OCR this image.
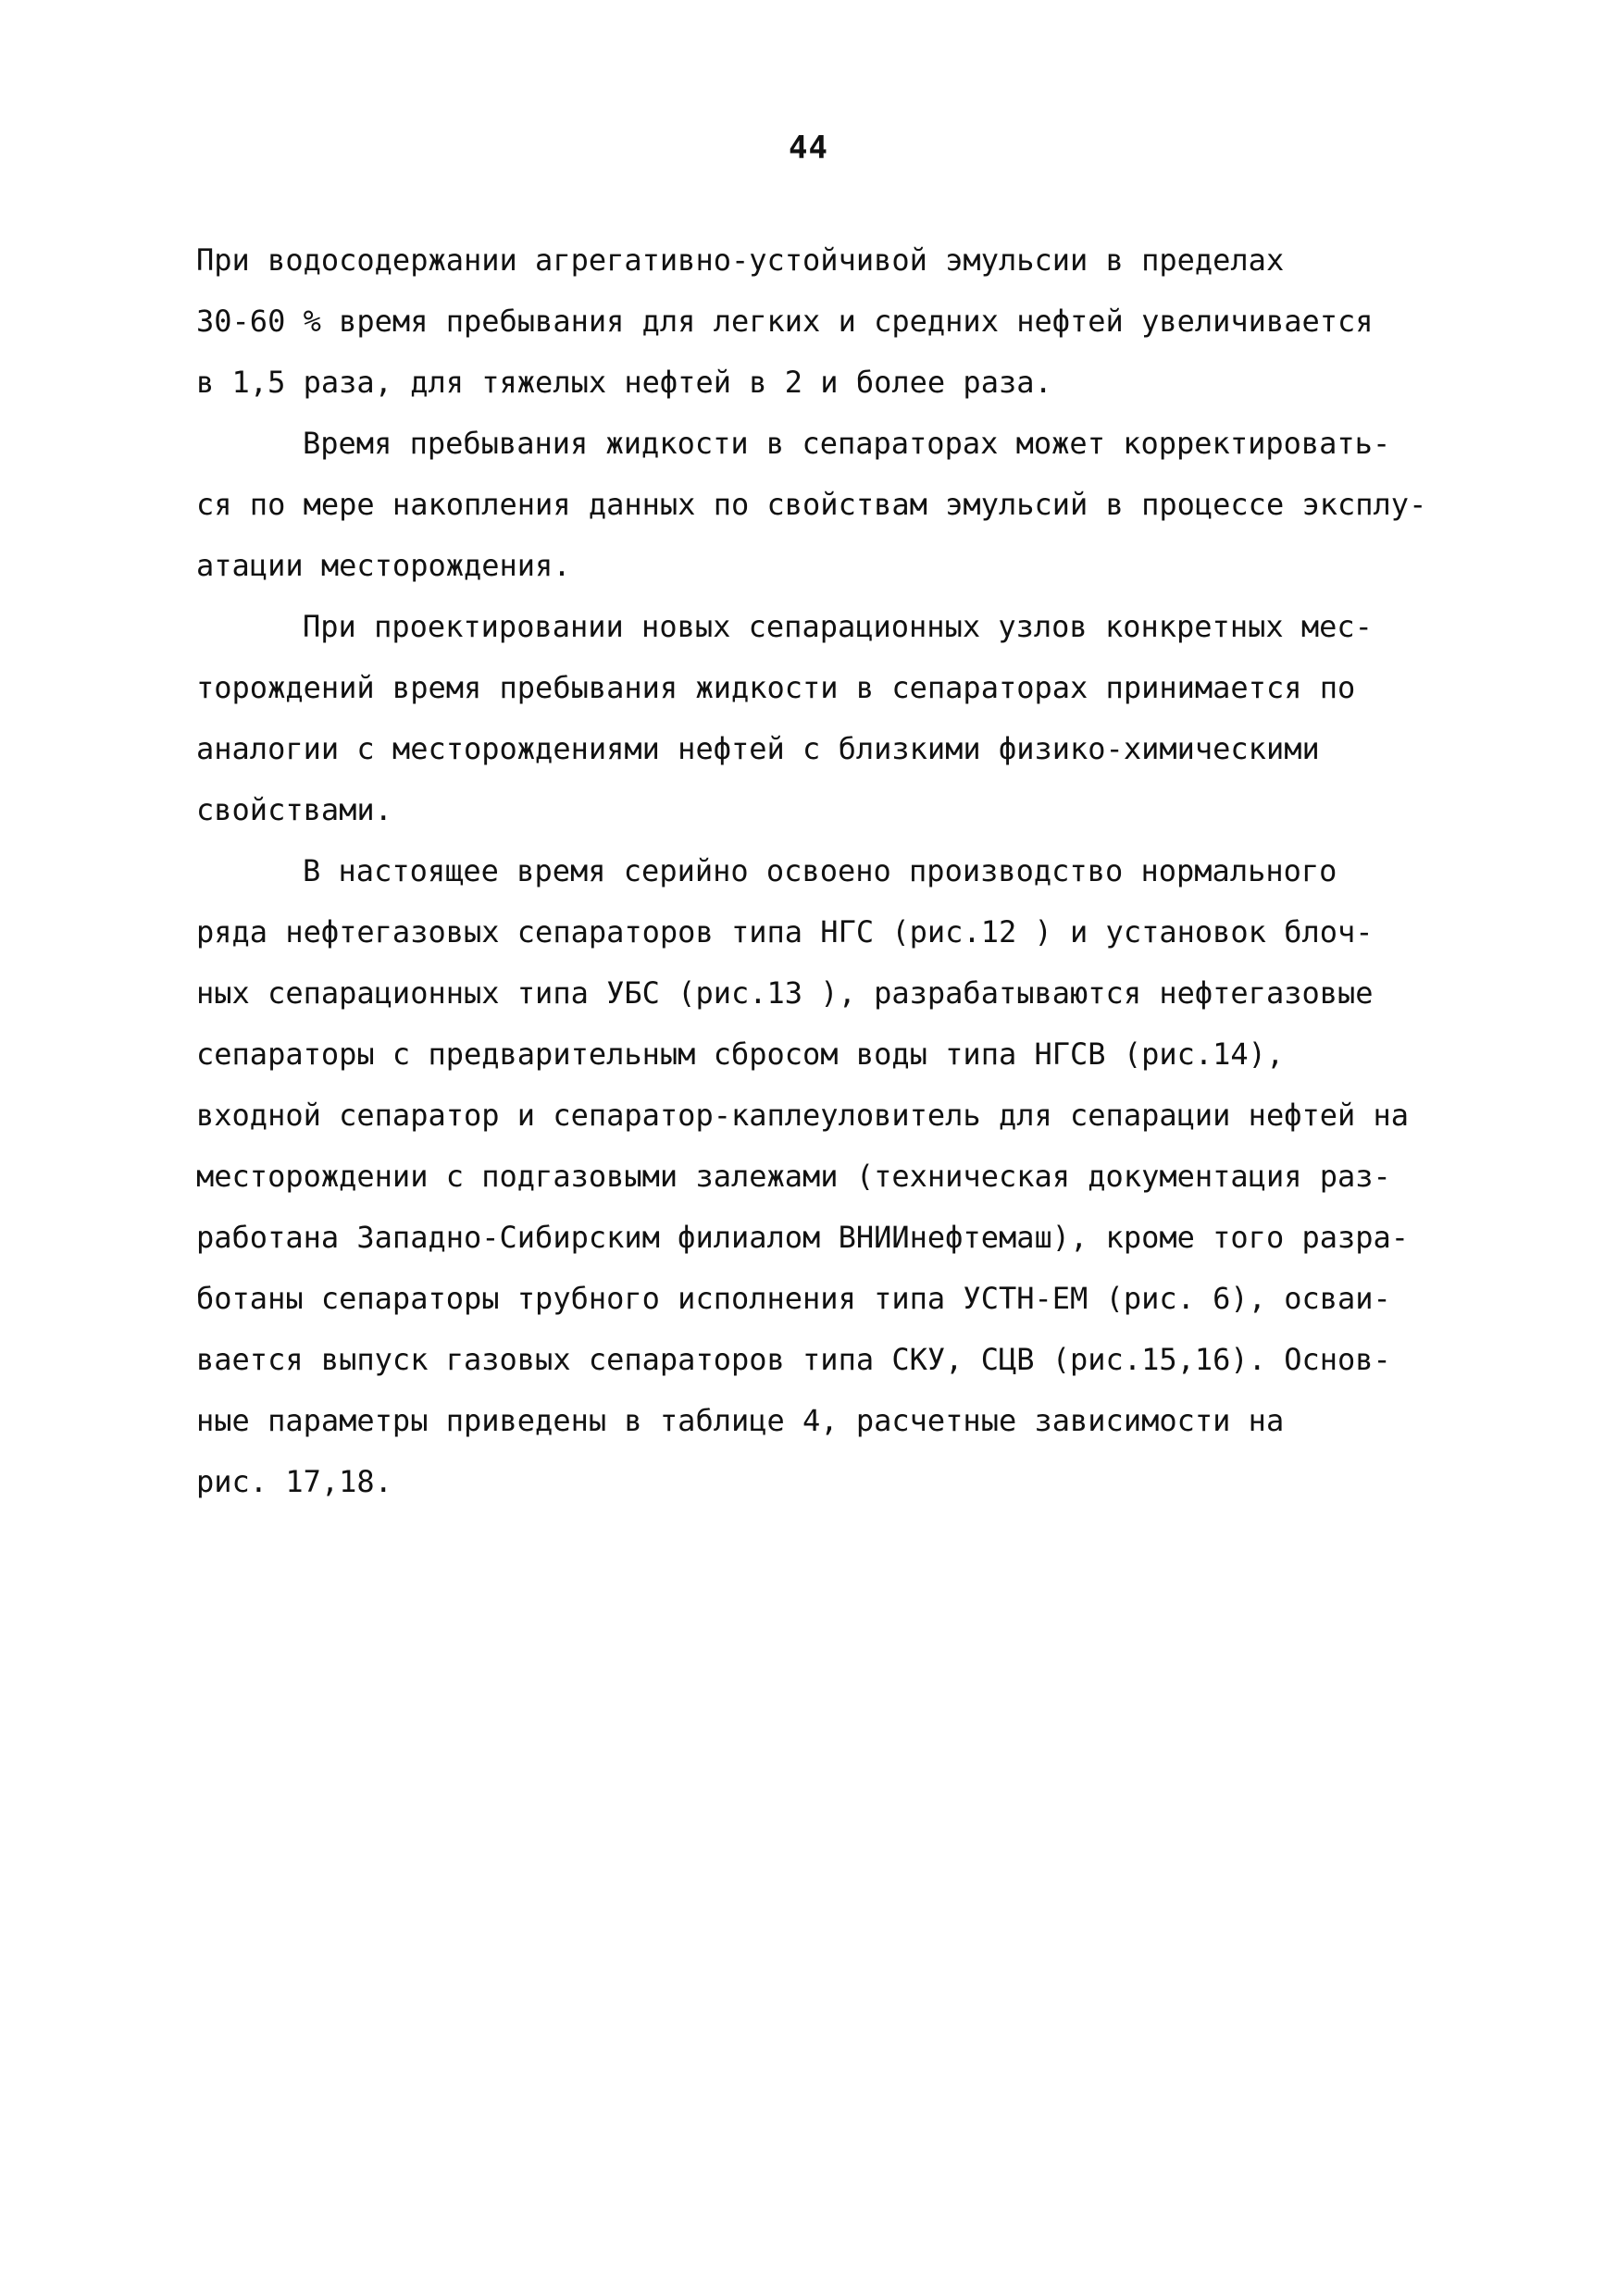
44
При водосодержании агрегативно-устойчивой эмульсии в пределах
30-60 % время пребывания для легких и средних нефтей увеличивается
в 1,5 раза, для тяжелых нефтей в 2 и более раза.
Время пребывания жидкости в сепараторах может корректировать-
ся по мере накопления данных по свойствам эмульсий в процессе эксплу-
атации месторождения.
При проектировании новых сепарационных узлов конкретных мес-
торождений время пребывания жидкости в сепараторах принимается по
аналогии с месторождениями нефтей с близкими физико-химическими
свойствами.
В настоящее время серийно освоено производство нормального
ряда нефтегазовых сепараторов типа НГС (рис.12 ) и установок блоч-
ных сепарационных типа УБС (рис.13 ), разрабатываются нефтегазовые
сепараторы с предварительным сбросом воды типа НГСВ (рис.14),
входной сепаратор и сепаратор-каплеуловитель для сепарации нефтей на
месторождении с подгазовыми залежами (техническая документация раз-
работана Западно-Сибирским филиалом ВНИИнефтемаш), кроме того разра-
ботаны сепараторы трубного исполнения типа УСТН-ЕМ (рис. 6), осваи-
вается выпуск газовых сепараторов типа СКУ, СЦВ (рис.15,16). Основ-
ные параметры приведены в таблице 4, расчетные зависимости на
рис. 17,18.
